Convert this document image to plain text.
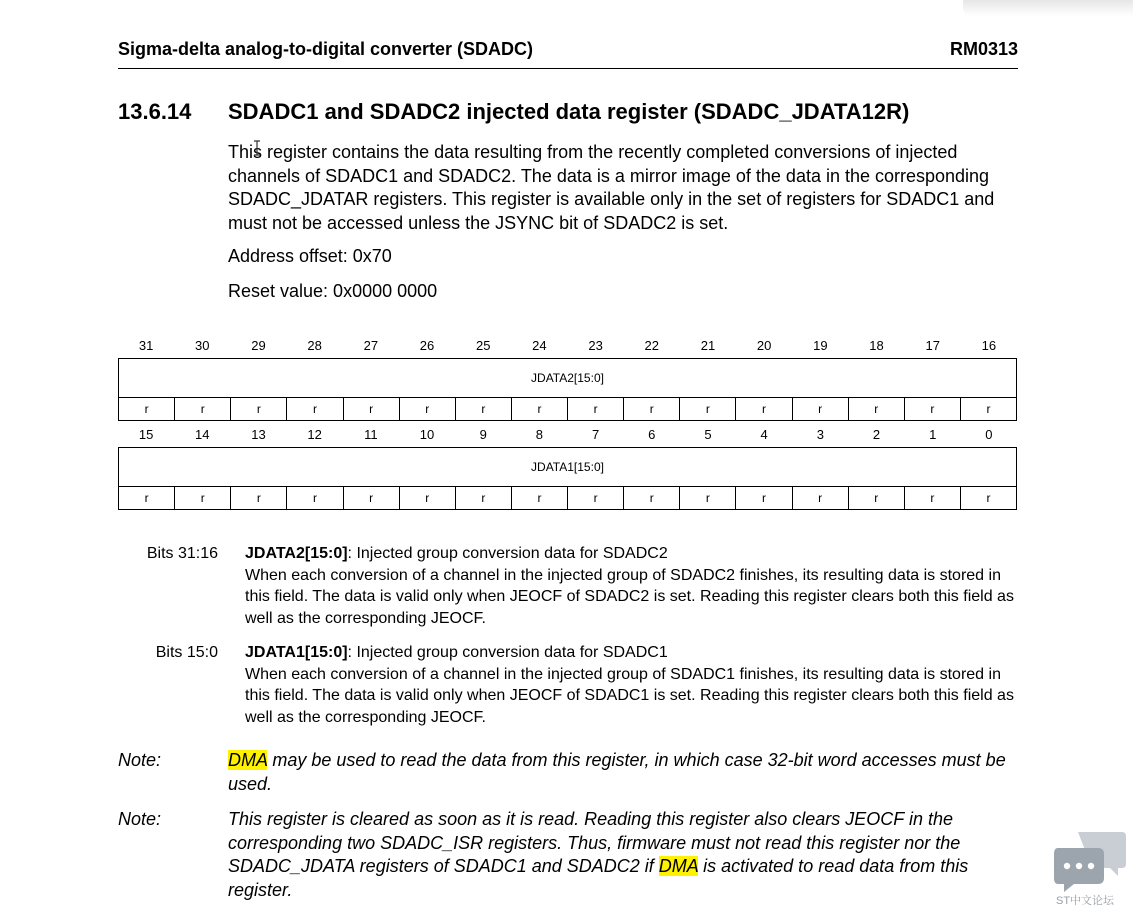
Sigma-delta analog-to-digital converter (SDADC)	RM0313
13.6.14 SDADC1 and SDADC2 injected data register (SDADC_JDATA12R)
This register contains the data resulting from the recently completed conversions of injected channels of SDADC1 and SDADC2. The data is a mirror image of the data in the corresponding SDADC_JDATAR registers. This register is available only in the set of registers for SDADC1 and must not be accessed unless the JSYNC bit of SDADC2 is set.
Address offset: 0x70
Reset value: 0x0000 0000
31	30	29	28	27	26	25	24	23	22	21	20	19	18	17	16
JDATA2[15:0]
r	r	r	r	r	r	r	r	r	r	r	r	r	r	r	r
15	14	13	12	11	10	9	8	7	6	5	4	3	2	1	0
JDATA1[15:0]
r	r	r	r	r	r	r	r	r	r	r	r	r	r	r	r
Bits 31:16 JDATA2[15:0]: Injected group conversion data for SDADC2
When each conversion of a channel in the injected group of SDADC2 finishes, its resulting data is stored in this field. The data is valid only when JEOCF of SDADC2 is set. Reading this register clears both this field as well as the corresponding JEOCF.
Bits 15:0 JDATA1[15:0]: Injected group conversion data for SDADC1
When each conversion of a channel in the injected group of SDADC1 finishes, its resulting data is stored in this field. The data is valid only when JEOCF of SDADC1 is set. Reading this register clears both this field as well as the corresponding JEOCF.
Note:	DMA may be used to read the data from this register, in which case 32-bit word accesses must be used.
Note:	This register is cleared as soon as it is read. Reading this register also clears JEOCF in the corresponding two SDADC_ISR registers. Thus, firmware must not read this register nor the SDADC_JDATA registers of SDADC1 and SDADC2 if DMA is activated to read data from this register.
ST中文论坛
